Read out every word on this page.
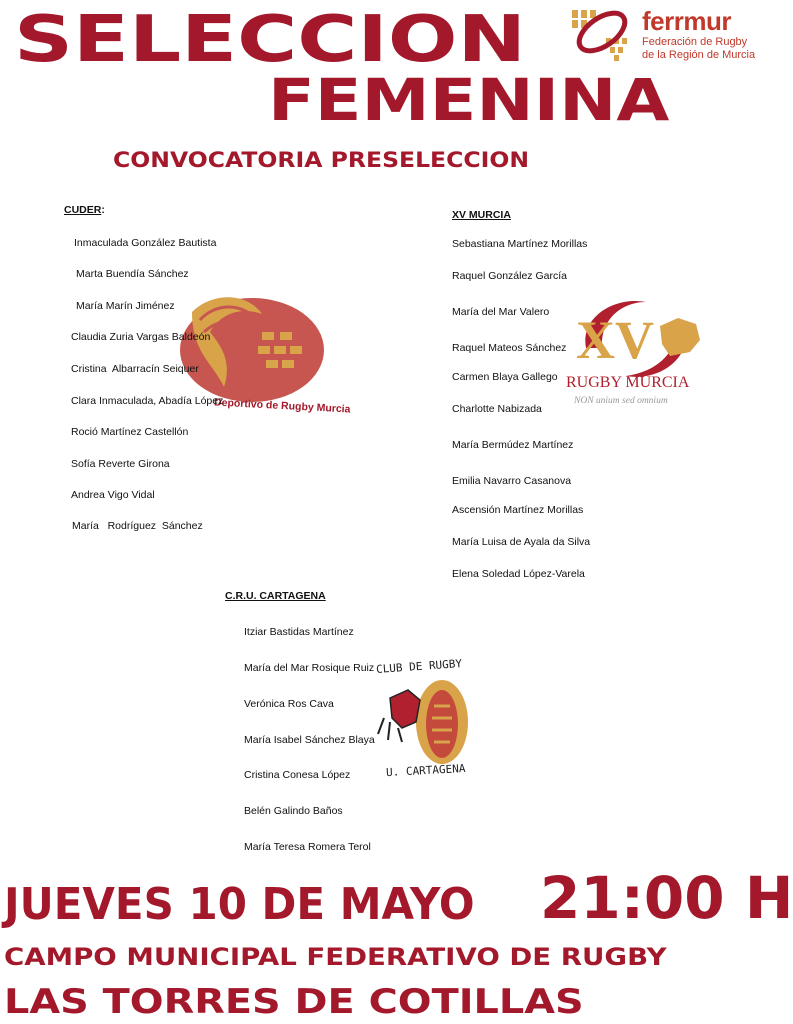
SELECCION
FEMENINA
CONVOCATORIA PRESELECCION
ferrmur
Federación de Rugby
de la Región de Murcia
Deportivo de Rugby Murcia
XV
RUGBY MURCIA
NON unium sed omnium
CLUB DE RUGBY
U. CARTAGENA
CUDER:
Inmaculada González Bautista
Marta Buendía Sánchez
María Marín Jiménez
Claudia Zuria Vargas Baldeón
Cristina  Albarracín Seiquer
Clara Inmaculada, Abadía López
Roció Martínez Castellón
Sofía Reverte Girona
Andrea Vigo Vidal
María   Rodríguez  Sánchez
XV MURCIA
Sebastiana Martínez Morillas
Raquel González García
María del Mar Valero
Raquel Mateos Sánchez
Carmen Blaya Gallego
Charlotte Nabizada
María Bermúdez Martínez
Emilia Navarro Casanova
Ascensión Martínez Morillas
María Luisa de Ayala da Silva
Elena Soledad López-Varela
C.R.U. CARTAGENA
Itziar Bastidas Martínez
María del Mar Rosique Ruiz
Verónica Ros Cava
María Isabel Sánchez Blaya
Cristina Conesa López
Belén Galindo Baños
María Teresa Romera Terol
JUEVES 10 DE MAYO 21:00 H
CAMPO MUNICIPAL FEDERATIVO DE RUGBY
LAS TORRES DE COTILLAS
